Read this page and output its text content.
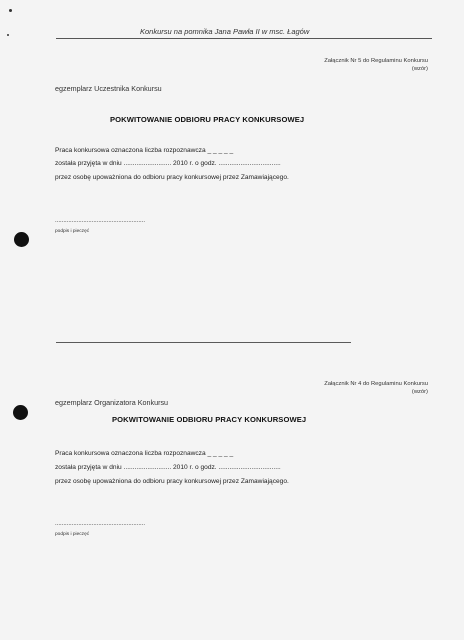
Konkursu na pomnika Jana Pawła II w msc. Łagów
Załącznik Nr 5 do Regulaminu Konkursu
(wzór)
egzemplarz Uczestnika Konkursu
POKWITOWANIE ODBIORU PRACY KONKURSOWEJ
Praca konkursowa oznaczona liczba rozpoznawcza _ _ _ _ _
została przyjęta w dniu .......................... 2010 r. o godz. ..................................
przez osobę upoważniona do odbioru pracy konkursowej przez Zamawiającego.
......................................................
podpis i pieczęć
Załącznik Nr 4 do Regulaminu Konkursu
(wzór)
egzemplarz Organizatora Konkursu
POKWITOWANIE ODBIORU PRACY KONKURSOWEJ
Praca konkursowa oznaczona liczba rozpoznawcza _ _ _ _ _
została przyjęta w dniu .......................... 2010 r. o godz. ..................................
przez osobę upoważniona do odbioru pracy konkursowej przez Zamawiającego.
......................................................
podpis i pieczęć
